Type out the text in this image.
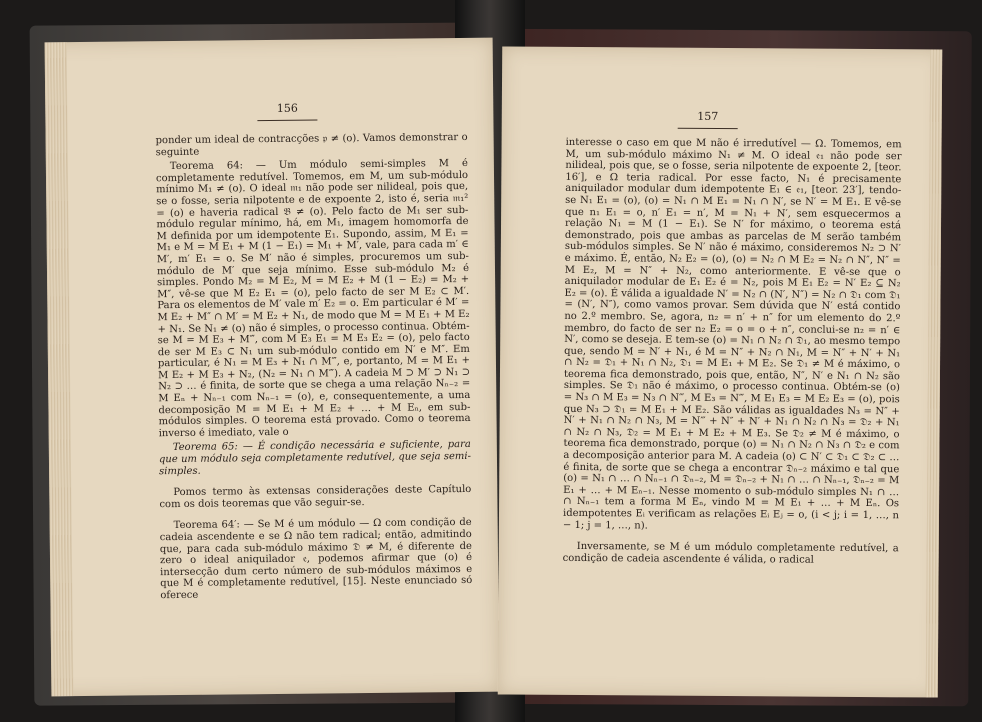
156

ponder um ideal de contracções 𝔭 ≠ (o). Vamos demonstrar o seguinte

Teorema 64: — Um módulo semi-simples M é completamente redutível. Tomemos, em M, um sub-módulo mínimo M₁ ≠ (o). O ideal 𝔪₁ não pode ser nilideal, pois que, se o fosse, seria nilpotente e de expoente 2, isto é, seria 𝔪₁² = (o) e haveria radical 𝔅 ≠ (o). Pelo facto de M₁ ser sub-módulo regular mínimo, há, em M₁, imagem homomorfa de M definida por um idempotente E₁. Supondo, assim, M E₁ = M₁ e M = M E₁ + M (1 − E₁) = M₁ + M′, vale, para cada m′ ∈ M′, m′ E₁ = o. Se M′ não é simples, procuremos um sub-módulo de M′ que seja mínimo. Esse sub-módulo M₂ é simples. Pondo M₂ = M E₂, M = M E₂ + M (1 − E₂) = M₂ + M″, vê-se que M E₂ E₁ = (o), pelo facto de ser M E₂ ⊂ M′. Para os elementos de M′ vale m′ E₂ = o. Em particular é M′ = M E₂ + M″ ∩ M′ = M E₂ + N₁, de modo que M = M E₁ + M E₂ + N₁. Se N₁ ≠ (o) não é simples, o processo continua. Obtém-se M = M E₃ + M‴, com M E₃ E₁ = M E₃ E₂ = (o), pelo facto de ser M E₃ ⊂ N₁ um sub-módulo contido em N′ e M″. Em particular, é N₁ = M E₃ + N₁ ∩ M‴, e, portanto, M = M E₁ + M E₂ + M E₃ + N₂, (N₂ = N₁ ∩ M‴). A cadeia M ⊃ M′ ⊃ N₁ ⊃ N₂ ⊃ … é finita, de sorte que se chega a uma relação Nₙ₋₂ = M Eₙ + Nₙ₋₁ com Nₙ₋₁ = (o), e, consequentemente, a uma decomposição M = M E₁ + M E₂ + … + M Eₙ, em sub-módulos simples. O teorema está provado. Como o teorema inverso é imediato, vale o

Teorema 65: — É condição necessária e suficiente, para que um módulo seja completamente redutível, que seja semi-simples.

Pomos termo às extensas considerações deste Capítulo com os dois teoremas que vão seguir-se.

Teorema 64′: — Se M é um módulo — Ω com condição de cadeia ascendente e se Ω não tem radical; então, admitindo que, para cada sub-módulo máximo 𝔇 ≠ M, é diferente de zero o ideal aniquilador 𝔢, podemos afirmar que (o) é intersecção dum certo número de sub-módulos máximos e que M é completamente redutível, [15]. Neste enunciado só oferece

157

interesse o caso em que M não é irredutível — Ω. Tomemos, em M, um sub-módulo máximo N₁ ≠ M. O ideal 𝔢₁ não pode ser nilideal, pois que, se o fosse, seria nilpotente de expoente 2, [teor. 16′], e Ω teria radical. Por esse facto, N₁ é precisamente aniquilador modular dum idempotente E₁ ∈ 𝔢₁, [teor. 23′], tendo-se N₁ E₁ = (o), (o) = N₁ ∩ M E₁ = N₁ ∩ N′, se N′ = M E₁. E vê-se que n₁ E₁ = o, n′ E₁ = n′, M = N₁ + N′, sem esquecermos a relação N₁ = M (1 − E₁). Se N′ for máximo, o teorema está demonstrado, pois que ambas as parcelas de M serão também sub-módulos simples. Se N′ não é máximo, consideremos N₂ ⊃ N′ e máximo. É, então, N₂ E₂ = (o), (o) = N₂ ∩ M E₂ = N₂ ∩ N″, N″ = M E₂, M = N″ + N₂, como anteriormente. E vê-se que o aniquilador modular de E₁ E₂ é = N₂, pois M E₁ E₂ = N′ E₂ ⊆ N₂ E₂ = (o). É válida a igualdade N′ = N₂ ∩ (N′, N″) = N₂ ∩ 𝔇₁ com 𝔇₁ = (N′, N″), como vamos provar. Sem dúvida que N′ está contido no 2.º membro. Se, agora, n₂ = n′ + n″ for um elemento do 2.º membro, do facto de ser n₂ E₂ = o = o + n″, conclui-se n₂ = n′ ∈ N′, como se deseja. E tem-se (o) = N₁ ∩ N₂ ∩ 𝔇₁, ao mesmo tempo que, sendo M = N′ + N₁, é M = N″ + N₂ ∩ N₁, M = N″ + N′ + N₁ ∩ N₂ = 𝔇₁ + N₁ ∩ N₂, 𝔇₁ = M E₁ + M E₂. Se 𝔇₁ ≠ M é máximo, o teorema fica demonstrado, pois que, então, N″, N′ e N₁ ∩ N₂ são simples. Se 𝔇₁ não é máximo, o processo continua. Obtém-se (o) = N₃ ∩ M E₃ = N₃ ∩ N‴, M E₃ = N‴, M E₁ E₃ = M E₂ E₃ = (o), pois que N₃ ⊃ 𝔇₁ = M E₁ + M E₂. São válidas as igualdades N₃ = N″ + N′ + N₁ ∩ N₂ ∩ N₃, M = N‴ + N″ + N′ + N₁ ∩ N₂ ∩ N₃ = 𝔇₂ + N₁ ∩ N₂ ∩ N₃, 𝔇₂ = M E₁ + M E₂ + M E₃. Se 𝔇₂ ≠ M é máximo, o teorema fica demonstrado, porque (o) = N₁ ∩ N₂ ∩ N₃ ∩ 𝔇₂ e com a decomposição anterior para M. A cadeia (o) ⊂ N′ ⊂ 𝔇₁ ⊂ 𝔇₂ ⊂ … é finita, de sorte que se chega a encontrar 𝔇ₙ₋₂ máximo e tal que (o) = N₁ ∩ … ∩ Nₙ₋₁ ∩ 𝔇ₙ₋₂, M = 𝔇ₙ₋₂ + N₁ ∩ … ∩ Nₙ₋₁, 𝔇ₙ₋₂ = M E₁ + … + M Eₙ₋₁. Nesse momento o sub-módulo simples N₁ ∩ … ∩ Nₙ₋₁ tem a forma M Eₙ, vindo M = M E₁ + … + M Eₙ. Os idempotentes Eᵢ verificam as relações Eᵢ Eⱼ = o, (i < j; i = 1, …, n − 1; j = 1, …, n).

Inversamente, se M é um módulo completamente redutível, a condição de cadeia ascendente é válida, o radical
